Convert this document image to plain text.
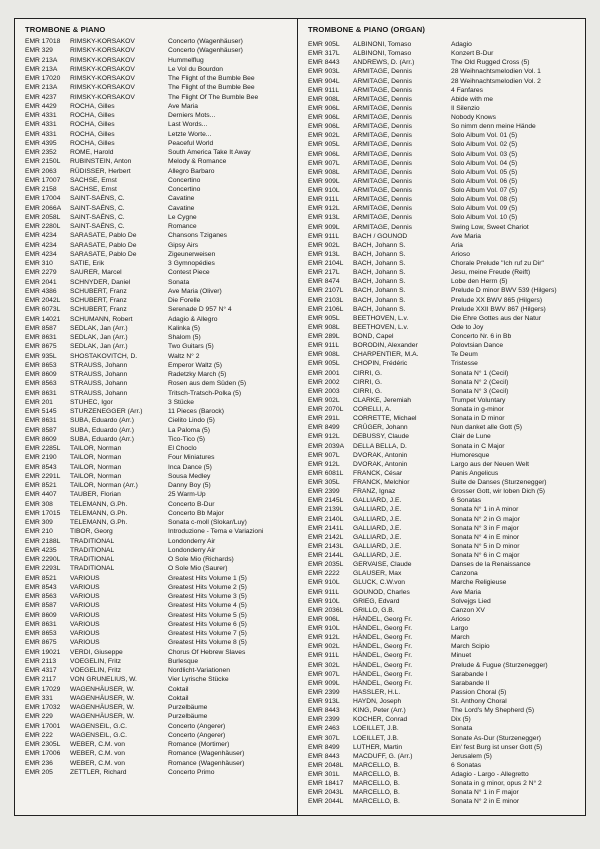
TROMBONE & PIANO
EMR 17018 RIMSKY-KORSAKOV	Concerto (Wagenhäuser)
EMR 329	RIMSKY-KORSAKOV	Concerto (Wagenhäuser)
EMR 213A	RIMSKY-KORSAKOV	Hummelflug
EMR 213A	RIMSKY-KORSAKOV	Le Vol du Bourdon
EMR 17020 RIMSKY-KORSAKOV	The Flight of the Bumble Bee
EMR 213A	RIMSKY-KORSAKOV	The Flight of the Bumble Bee
EMR 4237	RIMSKY-KORSAKOV	The Flight Of The Bumble Bee
EMR 4429	ROCHA, Gilles	Ave Maria
EMR 4331	ROCHA, Gilles	Derniers Mots...
EMR 4331	ROCHA, Gilles	Last Words...
EMR 4331	ROCHA, Gilles	Letzte Worte...
EMR 4395	ROCHA, Gilles	Peaceful World
EMR 2352	ROME, Harold	South America Take It Away
EMR 2150L RUBINSTEIN, Anton	Melody & Romance
EMR 2063	RÜDISSER, Herbert	Allegro Barbaro
EMR 17007 SACHSE, Ernst	Concertino
EMR 2158	SACHSE, Ernst	Concertino
EMR 17004 SAINT-SAËNS, C.	Cavatine
EMR 2066A SAINT-SAËNS, C.	Cavatine
EMR 2058L SAINT-SAËNS, C.	Le Cygne
EMR 2280L SAINT-SAËNS, C.	Romance
EMR 4234	SARASATE, Pablo De	Chansons Tziganes
EMR 4234	SARASATE, Pablo De	Gipsy Airs
EMR 4234	SARASATE, Pablo De	Zigeunerweisen
EMR 310	SATIE, Erik	3 Gymnopédies
EMR 2279	SAURER, Marcel	Contest Piece
EMR 2041	SCHNYDER, Daniel	Sonata
EMR 4386	SCHUBERT, Franz	Ave Maria (Oliver)
EMR 2042L SCHUBERT, Franz	Die Forelle
EMR 6073L SCHUBERT, Franz	Serenade D 957 N° 4
EMR 14021 SCHUMANN, Robert	Adagio & Allegro
EMR 8587	SEDLAK, Jan (Arr.)	Kalinka (5)
EMR 8631	SEDLAK, Jan (Arr.)	Shalom (5)
EMR 8675	SEDLAK, Jan (Arr.)	Two Guitars (5)
EMR 935L	SHOSTAKOVITCH, D.	Waltz N° 2
EMR 8653	STRAUSS, Johann	Emperor Waltz (5)
EMR 8609	STRAUSS, Johann	Radetzky March (5)
EMR 8563	STRAUSS, Johann	Rosen aus dem Süden (5)
EMR 8631	STRAUSS, Johann	Tritsch-Tratsch-Polka (5)
EMR 201	STUHEC, Igor	3 Stücke
EMR 5145	STURZENEGGER (Arr.)	11 Pieces (Barock)
EMR 8631	SUBA, Eduardo (Arr.)	Cielito Lindo (5)
EMR 8587	SUBA, Eduardo (Arr.)	La Paloma (5)
EMR 8609	SUBA, Eduardo (Arr.)	Tico-Tico (5)
EMR 2285L TAILOR, Norman	El Choclo
EMR 2190	TAILOR, Norman	Four Miniatures
EMR 8543	TAILOR, Norman	Inca Dance (5)
EMR 2291L TAILOR, Norman	Sousa Medley
EMR 8521	TAILOR, Norman (Arr.)	Danny Boy (5)
EMR 4407	TAUBER, Florian	25 Warm-Up
EMR 308	TELEMANN, G.Ph.	Concerto B-Dur
EMR 17015 TELEMANN, G.Ph.	Concerto Bb Major
EMR 309	TELEMANN, G.Ph.	Sonata c-moll (Slokar/Luy)
EMR 210	TIBOR, Georg	Introduzione - Tema e Variazioni
EMR 2188L TRADITIONAL	Londonderry Air
EMR 4235	TRADITIONAL	Londonderry Air
EMR 2290L TRADITIONAL	O Sole Mio (Richards)
EMR 2293L TRADITIONAL	O Sole Mio (Saurer)
EMR 8521	VARIOUS	Greatest Hits Volume 1 (5)
EMR 8543	VARIOUS	Greatest Hits Volume 2 (5)
EMR 8563	VARIOUS	Greatest Hits Volume 3 (5)
EMR 8587	VARIOUS	Greatest Hits Volume 4 (5)
EMR 8609	VARIOUS	Greatest Hits Volume 5 (5)
EMR 8631	VARIOUS	Greatest Hits Volume 6 (5)
EMR 8653	VARIOUS	Greatest Hits Volume 7 (5)
EMR 8675	VARIOUS	Greatest Hits Volume 8 (5)
EMR 19021 VERDI, Giuseppe	Chorus Of Hebrew Slaves
EMR 2113	VOEGELIN, Fritz	Burlesque
EMR 4317	VOEGELIN, Fritz	Nordlicht-Variationen
EMR 2117	VON GRUNELIUS, W.	Vier Lyrische Stücke
EMR 17029 WAGENHÄUSER, W.	Coktail
EMR 331	WAGENHÄUSER, W.	Coktail
EMR 17032 WAGENHÄUSER, W.	Purzelbäume
EMR 229	WAGENHÄUSER, W.	Purzelbäume
EMR 17001 WAGENSEIL, G.C.	Concerto (Angerer)
EMR 222	WAGENSEIL, G.C.	Concerto (Angerer)
EMR 2305L WEBER, C.M. von	Romance (Mortimer)
EMR 17006 WEBER, C.M. von	Romance (Wagenhäuser)
EMR 236	WEBER, C.M. von	Romance (Wagenhäuser)
EMR 205	ZETTLER, Richard	Concerto Primo
TROMBONE & PIANO (ORGAN)
EMR 905L	ALBINONI, Tomaso	Adagio
EMR 317L	ALBINONI, Tomaso	Konzert B-Dur
EMR 8443	ANDREWS, D. (Arr.)	The Old Rugged Cross (5)
EMR 903L	ARMITAGE, Dennis	28 Weihnachtsmelodien Vol. 1
EMR 904L	ARMITAGE, Dennis	28 Weihnachtsmelodien Vol. 2
EMR 911L	ARMITAGE, Dennis	4 Fanfares
EMR 908L	ARMITAGE, Dennis	Abide with me
EMR 906L	ARMITAGE, Dennis	Il Silenzio
EMR 906L	ARMITAGE, Dennis	Nobody Knows
EMR 906L	ARMITAGE, Dennis	So nimm denn meine Hände
EMR 902L	ARMITAGE, Dennis	Solo Album Vol. 01 (5)
EMR 905L	ARMITAGE, Dennis	Solo Album Vol. 02 (5)
EMR 906L	ARMITAGE, Dennis	Solo Album Vol. 03 (5)
EMR 907L	ARMITAGE, Dennis	Solo Album Vol. 04 (5)
EMR 908L	ARMITAGE, Dennis	Solo Album Vol. 05 (5)
EMR 909L	ARMITAGE, Dennis	Solo Album Vol. 06 (5)
EMR 910L	ARMITAGE, Dennis	Solo Album Vol. 07 (5)
EMR 911L	ARMITAGE, Dennis	Solo Album Vol. 08 (5)
EMR 912L	ARMITAGE, Dennis	Solo Album Vol. 09 (5)
EMR 913L	ARMITAGE, Dennis	Solo Album Vol. 10 (5)
EMR 909L	ARMITAGE, Dennis	Swing Low, Sweet Chariot
EMR 911L	BACH / GOUNOD	Ave Maria
EMR 902L	BACH, Johann S.	Aria
EMR 913L	BACH, Johann S.	Arioso
EMR 2104L BACH, Johann S.	Chorale Prelude "Ich ruf zu Dir"
EMR 217L	BACH, Johann S.	Jesu, meine Freude (Reift)
EMR 8474	BACH, Johann S.	Lobe den Herrn (5)
EMR 2107L BACH, Johann S.	Prelude D minor BWV 539 (Hilgers)
EMR 2103L BACH, Johann S.	Prelude XX BWV 865 (Hilgers)
EMR 2106L BACH, Johann S.	Prelude XXII BWV 867 (Hilgers)
EMR 905L	BEETHOVEN, L.v.	Die Ehre Gottes aus der Natur
EMR 908L	BEETHOVEN, L.v.	Ode to Joy
EMR 289L	BOND, Capel	Concerto Nr. 6 in Bb
EMR 911L	BORODIN, Alexander	Polovtsian Dance
EMR 908L	CHARPENTIER, M.A.	Te Deum
EMR 905L	CHOPIN, Frédéric	Tristesse
EMR 2001	CIRRI, G.	Sonata N° 1 (Cecil)
EMR 2002	CIRRI, G.	Sonata N° 2 (Cecil)
EMR 2003	CIRRI, G.	Sonata N° 3 (Cecil)
EMR 902L	CLARKE, Jeremiah	Trumpet Voluntary
EMR 2070L CORELLI, A.	Sonata in g-minor
EMR 291L	CORRETTE, Michael	Sonata in D minor
EMR 8499	CRÜGER, Johann	Nun danket alle Gott (5)
EMR 912L	DEBUSSY, Claude	Clair de Lune
EMR 2039A DELLA BELLA, D.	Sonata in C Major
EMR 907L	DVORAK, Antonin	Humoresque
EMR 912L	DVORAK, Antonin	Largo aus der Neuen Welt
EMR 6081L FRANCK, César	Panis Angelicus
EMR 305L	FRANCK, Melchior	Suite de Danses (Sturzenegger)
EMR 2399	FRANZ, Ignaz	Grosser Gott, wir loben Dich (5)
EMR 2145L GALLIARD, J.E.	6 Sonatas
EMR 2139L GALLIARD, J.E.	Sonata N° 1 in A minor
EMR 2140L GALLIARD, J.E.	Sonata N° 2 in G major
EMR 2141L GALLIARD, J.E.	Sonata N° 3 in F major
EMR 2142L GALLIARD, J.E.	Sonata N° 4 in E minor
EMR 2143L GALLIARD, J.E.	Sonata N° 5 in D minor
EMR 2144L GALLIARD, J.E.	Sonata N° 6 in C major
EMR 2035L GERVAISE, Claude	Danses de la Renaissance
EMR 2222	GLAUSER, Max	Canzona
EMR 910L	GLUCK, C.W.von	Marche Religieuse
EMR 911L	GOUNOD, Charles	Ave Maria
EMR 910L	GRIEG, Edvard	Solvejgs Lied
EMR 2036L GRILLO, G.B.	Canzon XV
EMR 906L	HÄNDEL, Georg Fr.	Arioso
EMR 910L	HÄNDEL, Georg Fr.	Largo
EMR 912L	HÄNDEL, Georg Fr.	March
EMR 902L	HÄNDEL, Georg Fr.	March Scipio
EMR 911L	HÄNDEL, Georg Fr.	Minuet
EMR 302L	HÄNDEL, Georg Fr.	Prelude & Fugue (Sturzenegger)
EMR 907L	HÄNDEL, Georg Fr.	Sarabande I
EMR 909L	HÄNDEL, Georg Fr.	Sarabande II
EMR 2399	HASSLER, H.L.	Passion Choral (5)
EMR 913L	HAYDN, Joseph	St. Anthony Choral
EMR 8443	KING, Peter (Arr.)	The Lord's My Shepherd (5)
EMR 2399	KOCHER, Conrad	Dix (5)
EMR 2463	LOEILLET, J.B.	Sonata
EMR 307L	LOEILLET, J.B.	Sonate As-Dur (Sturzenegger)
EMR 8499	LUTHER, Martin	Ein' fest Burg ist unser Gott (5)
EMR 8443	MACDUFF, G. (Arr.)	Jerusalem (5)
EMR 2048L MARCELLO, B.	6 Sonatas
EMR 301L	MARCELLO, B.	Adagio - Largo - Allegretto
EMR 18417 MARCELLO, B.	Sonata in g minor, opus 2 N° 2
EMR 2043L MARCELLO, B.	Sonata N° 1 in F major
EMR 2044L MARCELLO, B.	Sonata N° 2 in E minor
